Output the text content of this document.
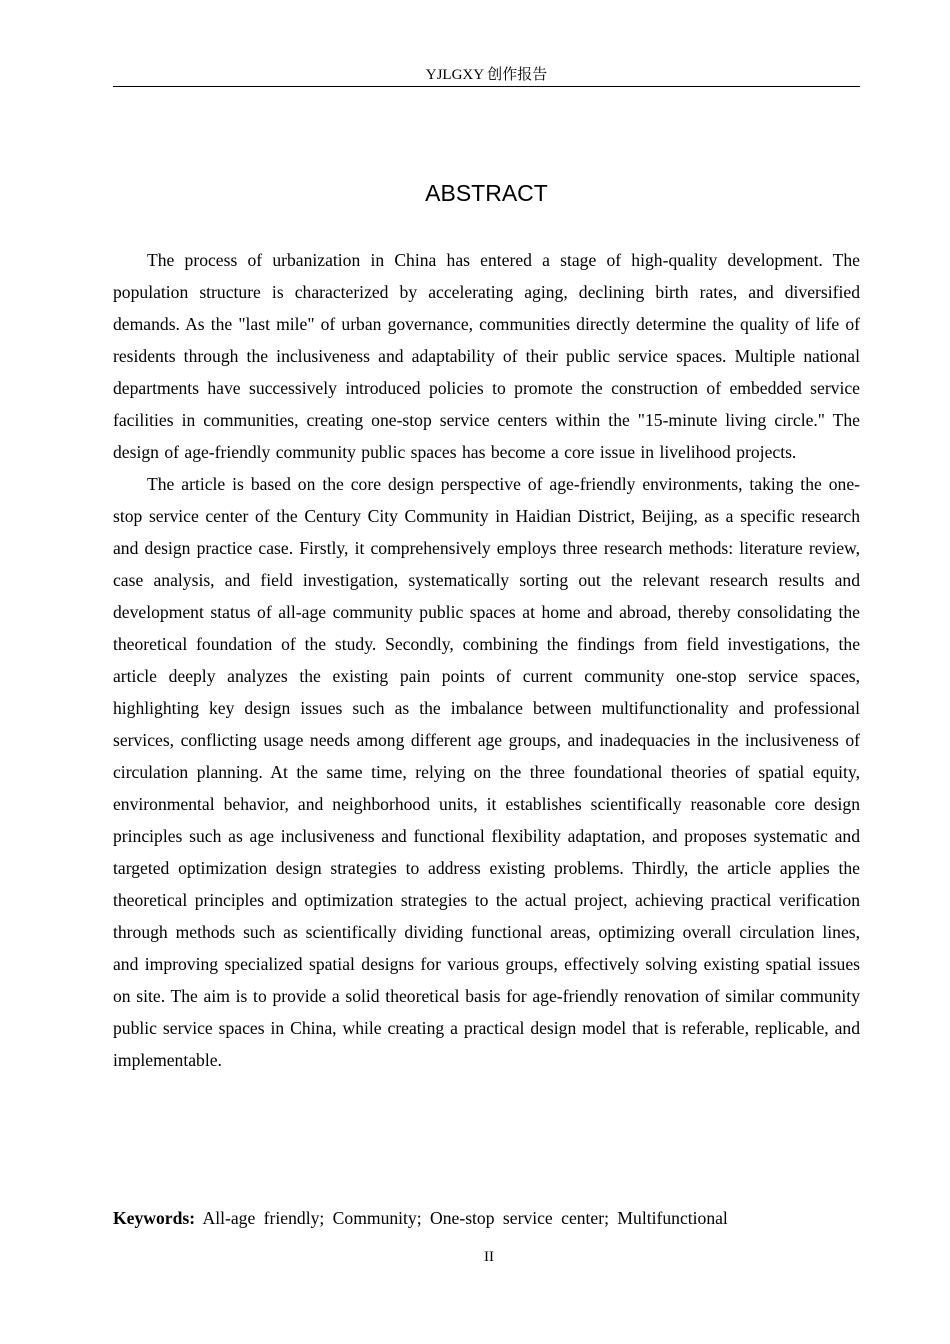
YJLGXY 创作报告
ABSTRACT

The process of urbanization in China has entered a stage of high-quality development. The population structure is characterized by accelerating aging, declining birth rates, and diversified demands. As the "last mile" of urban governance, communities directly determine the quality of life of residents through the inclusiveness and adaptability of their public service spaces. Multiple national departments have successively introduced policies to promote the construction of embedded service facilities in communities, creating one-stop service centers within the "15-minute living circle." The design of age-friendly community public spaces has become a core issue in livelihood projects.

The article is based on the core design perspective of age-friendly environments, taking the one-stop service center of the Century City Community in Haidian District, Beijing, as a specific research and design practice case. Firstly, it comprehensively employs three research methods: literature review, case analysis, and field investigation, systematically sorting out the relevant research results and development status of all-age community public spaces at home and abroad, thereby consolidating the theoretical foundation of the study. Secondly, combining the findings from field investigations, the article deeply analyzes the existing pain points of current community one-stop service spaces, highlighting key design issues such as the imbalance between multifunctionality and professional services, conflicting usage needs among different age groups, and inadequacies in the inclusiveness of circulation planning. At the same time, relying on the three foundational theories of spatial equity, environmental behavior, and neighborhood units, it establishes scientifically reasonable core design principles such as age inclusiveness and functional flexibility adaptation, and proposes systematic and targeted optimization design strategies to address existing problems. Thirdly, the article applies the theoretical principles and optimization strategies to the actual project, achieving practical verification through methods such as scientifically dividing functional areas, optimizing overall circulation lines, and improving specialized spatial designs for various groups, effectively solving existing spatial issues on site. The aim is to provide a solid theoretical basis for age-friendly renovation of similar community public service spaces in China, while creating a practical design model that is referable, replicable, and implementable.

Keywords: All-age friendly; Community; One-stop service center; Multifunctional
II
